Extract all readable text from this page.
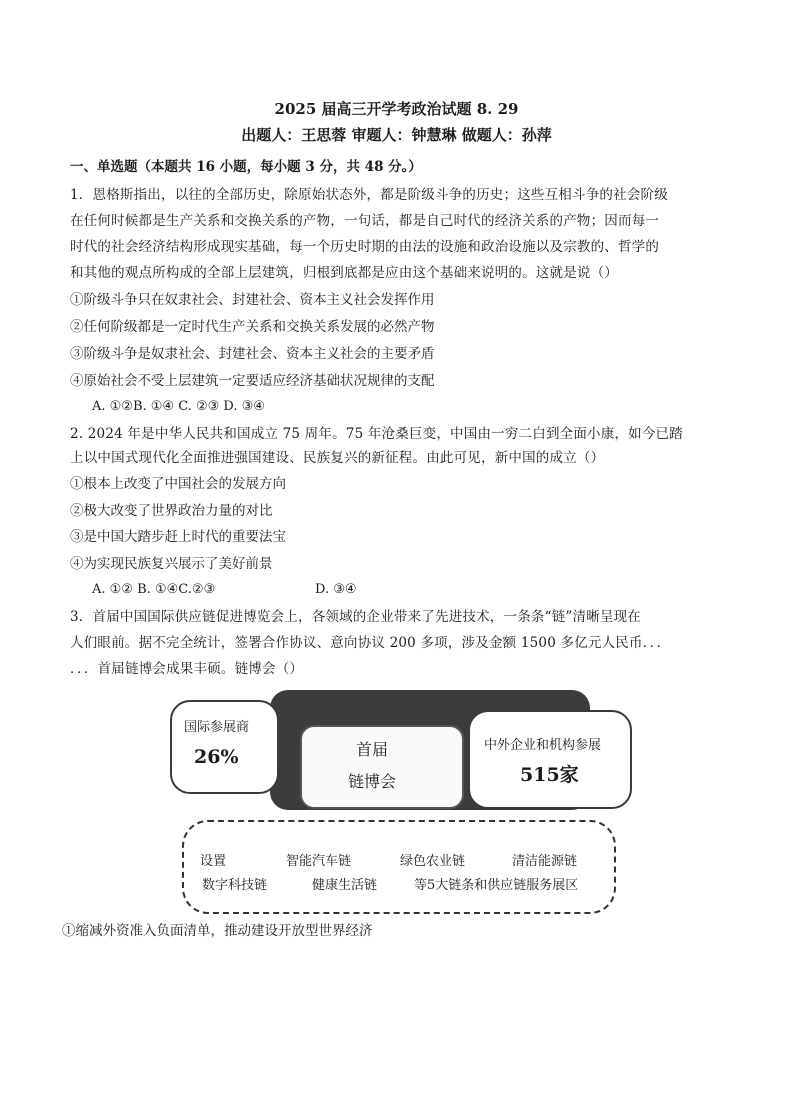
2025 届高三开学考政治试题 8. 29
出题人：王思蓉 审题人：钟慧琳 做题人：孙萍
一、单选题（本题共 16 小题，每小题 3 分，共 48 分。）
1．恩格斯指出，以往的全部历史，除原始状态外，都是阶级斗争的历史；这些互相斗争的社会阶级
在任何时候都是生产关系和交换关系的产物，一句话，都是自己时代的经济关系的产物；因而每一
时代的社会经济结构形成现实基础，每一个历史时期的由法的设施和政治设施以及宗教的、哲学的
和其他的观点所构成的全部上层建筑，归根到底都是应由这个基础来说明的。这就是说（）
①阶级斗争只在奴隶社会、封建社会、资本主义社会发挥作用
②任何阶级都是一定时代生产关系和交换关系发展的必然产物
③阶级斗争是奴隶社会、封建社会、资本主义社会的主要矛盾
④原始社会不受上层建筑一定要适应经济基础状况规律的支配
A. ①②B. ①④ C. ②③ D. ③④
2. 2024 年是中华人民共和国成立 75 周年。75 年沧桑巨变，中国由一穷二白到全面小康，如今已踏
上以中国式现代化全面推进强国建设、民族复兴的新征程。由此可见，新中国的成立（）
①根本上改变了中国社会的发展方向
②极大改变了世界政治力量的对比
③是中国大踏步赶上时代的重要法宝
④为实现民族复兴展示了美好前景
A. ①② B. ①④C.②③	D. ③④
3．首届中国国际供应链促进博览会上，各领域的企业带来了先进技术，一条条“链”清晰呈现在
人们眼前。据不完全统计，签署合作协议、意向协议 200 多项，涉及金额 1500 多亿元人民币．．．
．．．首届链博会成果丰硕。链博会（）
国际参展商
26%	首届
链博会
中外企业和机构参展
515家
设置	智能汽车链	绿色农业链	清洁能源链
数字科技链	健康生活链	等5大链条和供应链服务展区
①缩减外资准入负面清单，推动建设开放型世界经济
